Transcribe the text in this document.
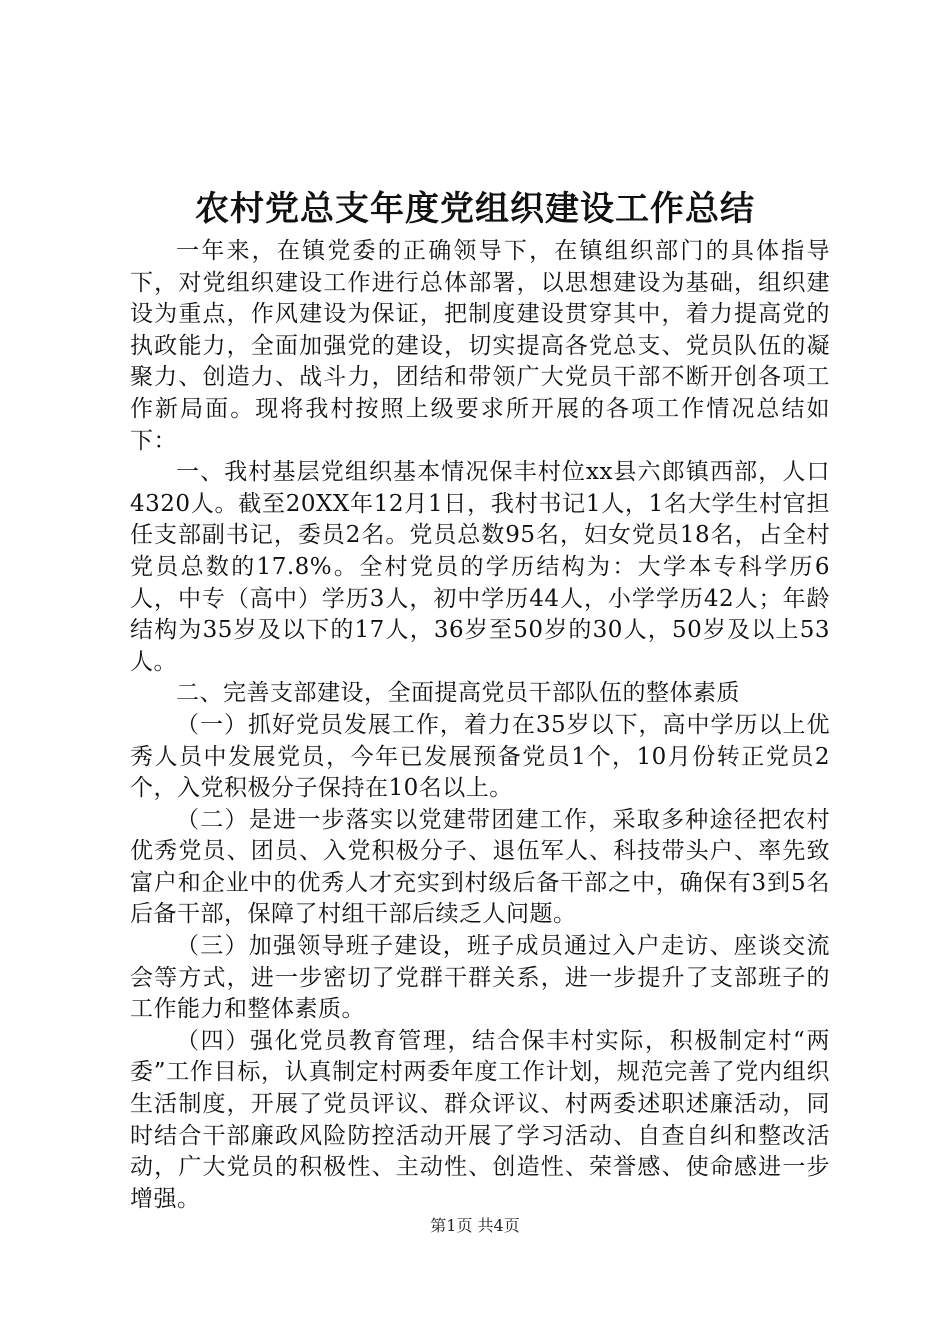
农村党总支年度党组织建设工作总结

一年来，在镇党委的正确领导下，在镇组织部门的具体指导下，对党组织建设工作进行总体部署，以思想建设为基础，组织建设为重点，作风建设为保证，把制度建设贯穿其中，着力提高党的执政能力，全面加强党的建设，切实提高各党总支、党员队伍的凝聚力、创造力、战斗力，团结和带领广大党员干部不断开创各项工作新局面。现将我村按照上级要求所开展的各项工作情况总结如下：

一、我村基层党组织基本情况保丰村位xx县六郎镇西部，人口4320人。截至20XX年12月1日，我村书记1人，1名大学生村官担任支部副书记，委员2名。党员总数95名，妇女党员18名，占全村党员总数的17.8%。全村党员的学历结构为：大学本专科学历6人，中专（高中）学历3人，初中学历44人，小学学历42人；年龄结构为35岁及以下的17人，36岁至50岁的30人，50岁及以上53人。

二、完善支部建设，全面提高党员干部队伍的整体素质

（一）抓好党员发展工作，着力在35岁以下，高中学历以上优秀人员中发展党员，今年已发展预备党员1个，10月份转正党员2个，入党积极分子保持在10名以上。

（二）是进一步落实以党建带团建工作，采取多种途径把农村优秀党员、团员、入党积极分子、退伍军人、科技带头户、率先致富户和企业中的优秀人才充实到村级后备干部之中，确保有3到5名后备干部，保障了村组干部后续乏人问题。

（三）加强领导班子建设，班子成员通过入户走访、座谈交流会等方式，进一步密切了党群干群关系，进一步提升了支部班子的工作能力和整体素质。

（四）强化党员教育管理，结合保丰村实际，积极制定村“两委”工作目标，认真制定村两委年度工作计划，规范完善了党内组织生活制度，开展了党员评议、群众评议、村两委述职述廉活动，同时结合干部廉政风险防控活动开展了学习活动、自查自纠和整改活动，广大党员的积极性、主动性、创造性、荣誉感、使命感进一步增强。

第1页 共4页
